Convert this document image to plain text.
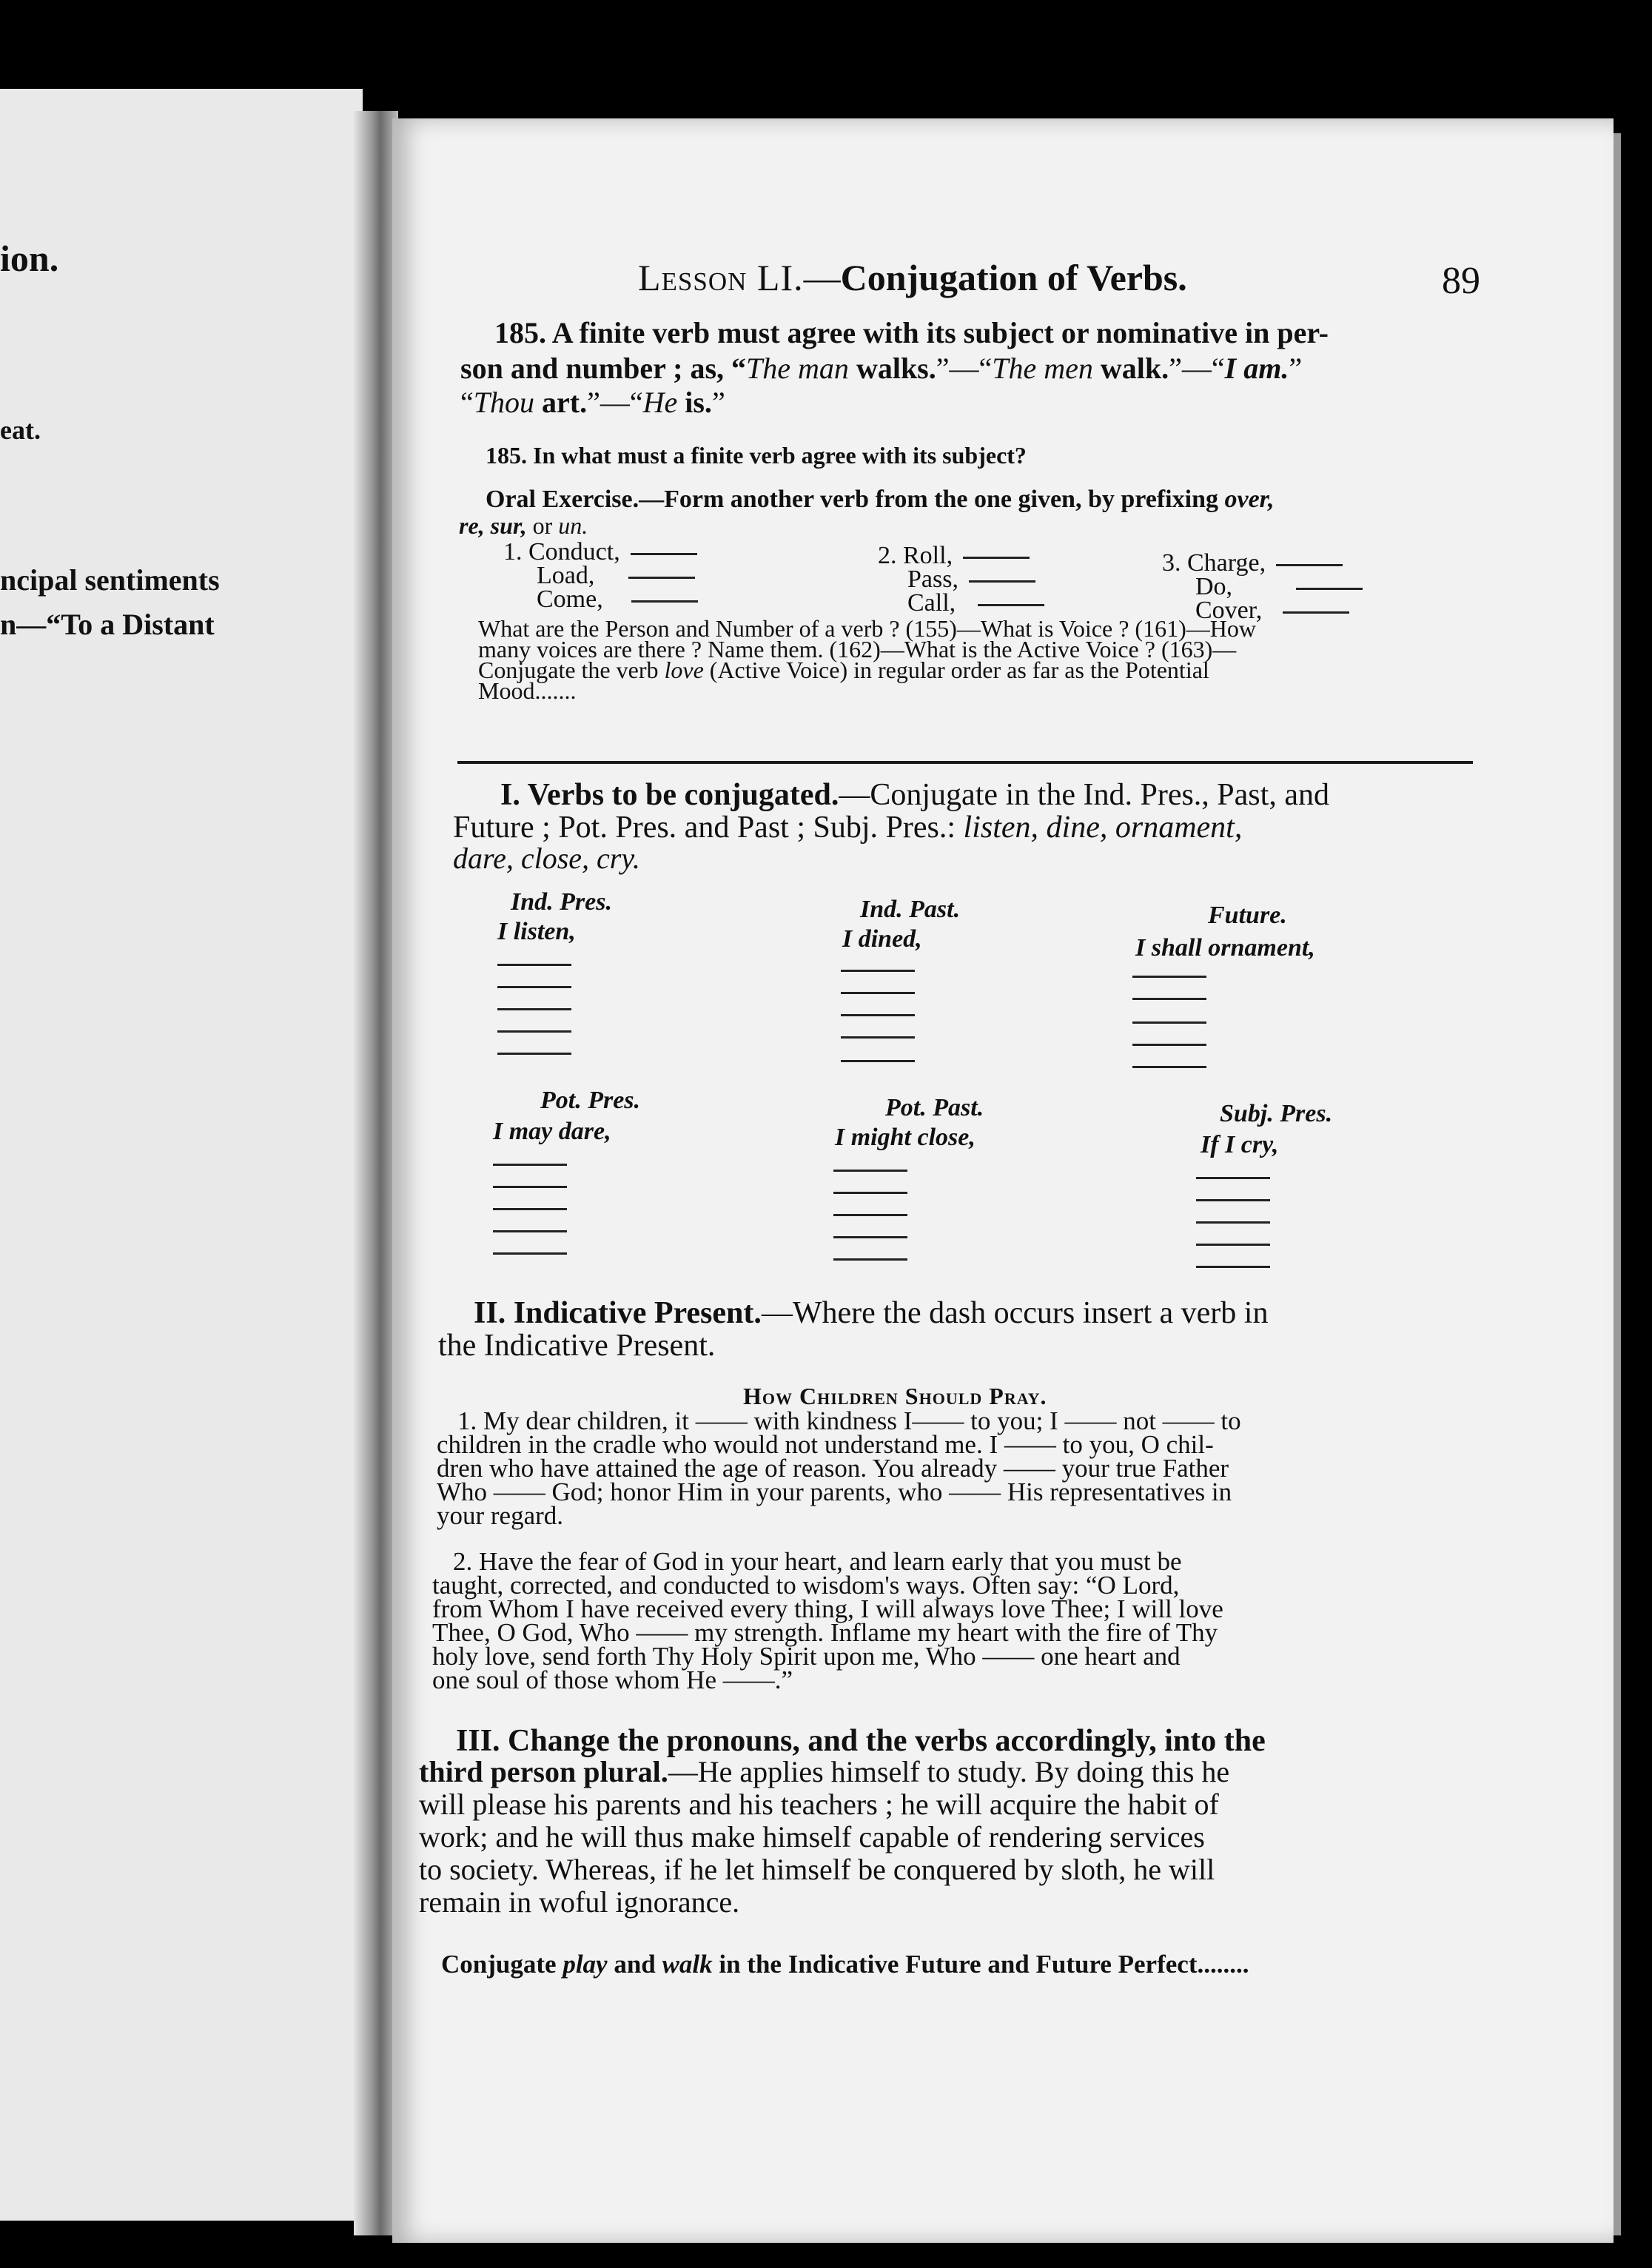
ion.
eat.
ncipal sentiments
n—“To a Distant
Lesson LI.—Conjugation of Verbs.	89
185. A finite verb must agree with its subject or nominative in per-
son and number ; as, “The man walks.”—“The men walk.”—“I am.”
“Thou art.”—“He is.”
185. In what must a finite verb agree with its subject?
Oral Exercise.—Form another verb from the one given, by prefixing over,
re, sur, or un.
1. Conduct,
Load,
Come,
2. Roll,
Pass,
Call,
3. Charge,
Do,
Cover,
What are the Person and Number of a verb ? (155)—What is Voice ? (161)—How
many voices are there ? Name them. (162)—What is the Active Voice ? (163)—
Conjugate the verb love (Active Voice) in regular order as far as the Potential
Mood.......
I. Verbs to be conjugated.—Conjugate in the Ind. Pres., Past, and
Future ; Pot. Pres. and Past ; Subj. Pres.: listen, dine, ornament,
dare, close, cry.
Ind. Pres.
I listen,
Ind. Past.
I dined,
Future.
I shall ornament,
Pot. Pres.
I may dare,
Pot. Past.
I might close,
Subj. Pres.
If I cry,
II. Indicative Present.—Where the dash occurs insert a verb in
the Indicative Present.
How Children Should Pray.
1. My dear children, it —— with kindness I—— to you; I —— not —— to
children in the cradle who would not understand me. I —— to you, O chil-
dren who have attained the age of reason. You already —— your true Father
Who —— God; honor Him in your parents, who —— His representatives in
your regard.
2. Have the fear of God in your heart, and learn early that you must be
taught, corrected, and conducted to wisdom's ways. Often say: “O Lord,
from Whom I have received every thing, I will always love Thee; I will love
Thee, O God, Who —— my strength. Inflame my heart with the fire of Thy
holy love, send forth Thy Holy Spirit upon me, Who —— one heart and
one soul of those whom He ——.”
III. Change the pronouns, and the verbs accordingly, into the
third person plural.—He applies himself to study. By doing this he
will please his parents and his teachers ; he will acquire the habit of
work; and he will thus make himself capable of rendering services
to society. Whereas, if he let himself be conquered by sloth, he will
remain in woful ignorance.
Conjugate play and walk in the Indicative Future and Future Perfect........
